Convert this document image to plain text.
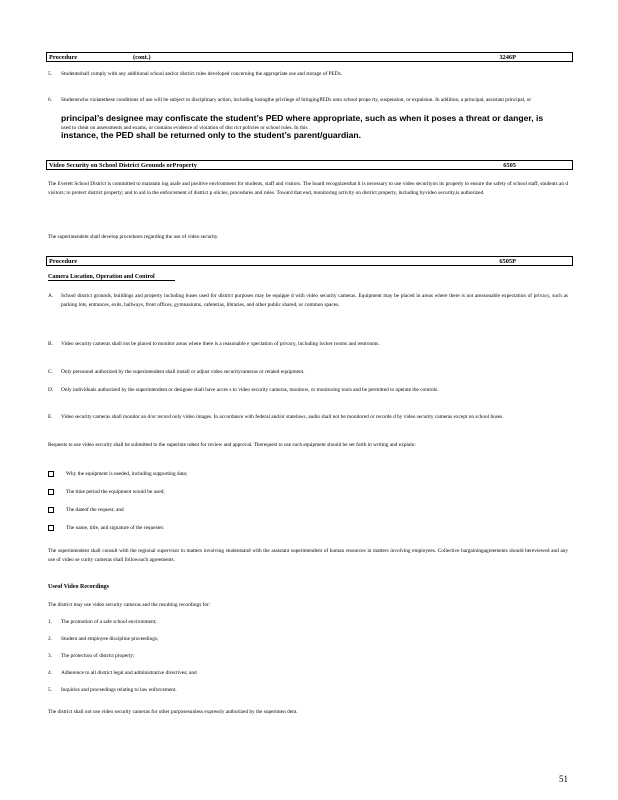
Procedure	(cont.)	3246P
5. Studentsshall comply with any additional school and/or district rules developed concerning the appropriate use and storage of PEDs.
6. Studentswho violatethese conditions of use will be subject to disciplinary action, including losingthe privilege of bringingPEDs onto school prope rty, suspension, or expulsion. In addition, a principal, assistant principal, or
principal’s designee may confiscate the student’s PED where appropriate, such as when it poses a threat or danger, is
used to cheat on assessments and exams, or contains evidence of violation of dist rict policies or school rules. In this
instance, the PED shall be returned only to the student’s parent/guardian.
Video Security on School District Grounds orProperty	6505
The Everett School District is committed to maintain ing asafe and positive environment for students, staff and visitors. The board recognizesthat it is necessary to use video securityon its property to ensure the safety of school staff, students an d visitors; to protect district property; and to aid in the enforcement of district p olicies, procedures and rules. Toward that end, monitoring activity on district property, including byvideo security,is authorized.
The superintendent shall develop procedures regarding the use of video security.
Procedure	6505P
Camera Location, Operation and Control
A. School district grounds, buildings and property including buses used for district purposes may be equippe d with video security cameras. Equipment may be placed in areas where there is not areasonable expectation of privacy, such as parking lots, entrances, exits, hallways, front offices, gymnasiums, cafeterias, libraries, and other public shared, or common spaces.
B. Video security cameras shall not be placed to monitor areas where there is a reasonable e xpectation of privacy, including locker rooms and restrooms.
C. Only personnel authorized by the superintendent shall install or adjust video securitycameras or related equipment.
D. Only individuals authorized by the superintendent or designee shall have acces s to video security cameras, monitors, or monitoring tools and be permitted to operate the controls.
E. Video security cameras shall monitor an d/or record only video images. In accordance with federal and/or statelaws, audio shall not be monitored or recorde d by video security cameras except on school buses.
Requests to use video security shall be submitted to the superinte ndent for review and approval. Therequest to use such equipment should be set forth in writing and explain:
Why the equipment is needed, including supporting data;
The time period the equipment would be used;
The dateof the request; and
The name, title, and signature of the requester.
The superintendent shall consult with the regional supervisor in matters involving studentsand with the assistant superintendent of human resources in matters involving employees. Collective bargainingagreements should bereviewed and any use of video se curity cameras shall followsuch agreements.
Useof Video Recordings
The district may use video security cameras and the resulting recordings for:
1. The promotion of a safe school environment;
2. Student and employee discipline proceedings;
3. The protection of district property;
4. Adherence to all district legal and administrative directives; and
5. Inquiries and proceedings relating to law enforcement.
The district shall not use video security cameras for other purposesunless expressly authorized by the superinten dent.
51
